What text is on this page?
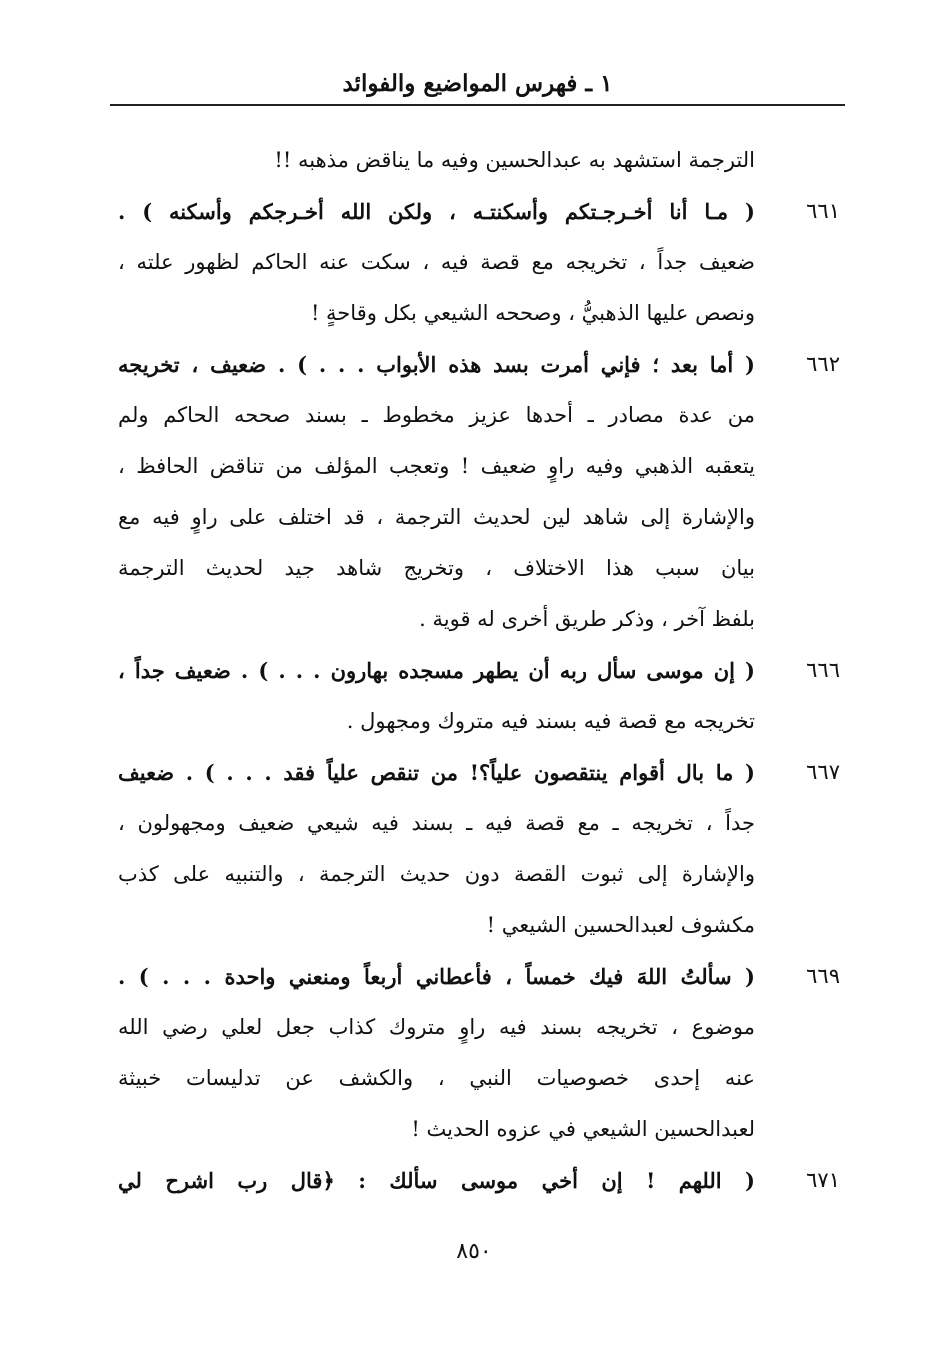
١ ـ فهرس المواضيع والفوائد
الترجمة استشهد به عبدالحسين وفيه ما يناقض مذهبه !!
٦٦١
( مـا أنا أخـرجـتكم وأسكنتـه ، ولكن الله أخـرجكم وأسكنه ) .
ضعيف جداً ، تخريجه مع قصة فيه ، سكت عنه الحاكم لظهور علته ،
ونصص عليها الذهبيُّ ، وصححه الشيعي بكل وقاحةٍ !
٦٦٢
( أما بعد ؛ فإني أمرت بسد هذه الأبواب . . . ) . ضعيف ، تخريجه
من عدة مصادر ـ أحدها عزيز مخطوط ـ بسند صححه الحاكم ولم
يتعقبه الذهبي وفيه راوٍ ضعيف ! وتعجب المؤلف من تناقض الحافظ ،
والإشارة إلى شاهد لين لحديث الترجمة ، قد اختلف على راوٍ فيه مع
بيان سبب هذا الاختلاف ، وتخريج شاهد جيد لحديث الترجمة
بلفظ آخر ، وذكر طريق أخرى له قوية .
٦٦٦
( إن موسى سأل ربه أن يطهر مسجده بهارون . . . ) . ضعيف جداً ،
تخريجه مع قصة فيه بسند فيه متروك ومجهول .
٦٦٧
( ما بال أقوام ينتقصون علياً؟! من تنقص علياً فقد . . . ) . ضعيف
جداً ، تخريجه ـ مع قصة فيه ـ بسند فيه شيعي ضعيف ومجهولون ،
والإشارة إلى ثبوت القصة دون حديث الترجمة ، والتنبيه على كذب
مكشوف لعبدالحسين الشيعي !
٦٦٩
( سألتُ اللهَ فيك خمساً ، فأعطاني أربعاً ومنعني واحدة . . . ) .
موضوع ، تخريجه بسند فيه راوٍ متروك كذاب جعل لعلي رضي الله
عنه إحدى خصوصيات النبي ، والكشف عن تدليسات خبيثة
لعبدالحسين الشيعي في عزوه الحديث !
٦٧١
( اللهم ! إن أخي موسى سألك : ﴿قال رب اشرح لي
٨٥٠
